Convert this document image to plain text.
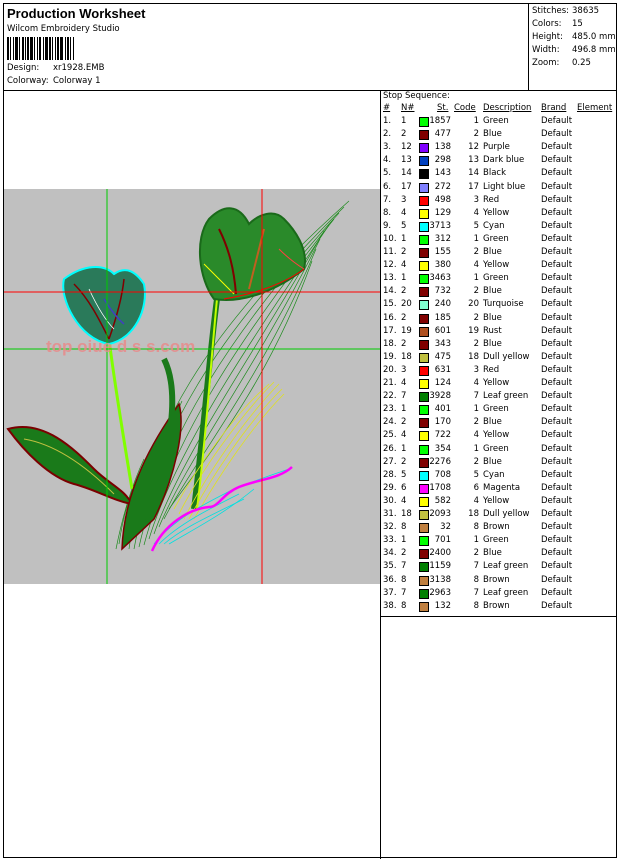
Production Worksheet
Wilcom Embroidery Studio
Design: xr1928.EMB
Colorway: Colorway 1
Stitches: 38635
Colors: 15
Height: 485.0 mm
Width: 496.8 mm
Zoom: 0.25
top oiue d s s.com
Stop Sequence:
# N#	St. Code Description Brand Element
1. 1	1857	1 Green	Default
2. 2	477	2 Blue	Default
3. 12	138 12 Purple	Default
4. 13	298 13 Dark blue Default
5. 14	143 14 Black	Default
6. 17	272 17 Light blue Default
7. 3	498	3 Red	Default
8. 4	129	4 Yellow	Default
9. 5	3713	5 Cyan	Default
10. 1	312	1 Green	Default
11. 2	155	2 Blue	Default
12. 4	380	4 Yellow	Default
13. 1	3463	1 Green	Default
14. 2	732	2 Blue	Default
15. 20	240 20 Turquoise Default
16. 2	185	2 Blue	Default
17. 19	601 19 Rust	Default
18. 2	343	2 Blue	Default
19. 18	475 18 Dull yellow Default
20. 3	631	3 Red	Default
21. 4	124	4 Yellow	Default
22. 7	3928	7 Leaf green Default
23. 1	401	1 Green	Default
24. 2	170	2 Blue	Default
25. 4	722	4 Yellow	Default
26. 1	354	1 Green	Default
27. 2	2276	2 Blue	Default
28. 5	708	5 Cyan	Default
29. 6	1708	6 Magenta Default
30. 4	582	4 Yellow	Default
31. 18 2093 18 Dull yellow Default
32. 8	32	8 Brown	Default
33. 1	701	1 Green	Default
34. 2	2400	2 Blue	Default
35. 7	1159	7 Leaf green Default
36. 8	3138	8 Brown	Default
37. 7	2963	7 Leaf green Default
38. 8	132	8 Brown	Default
